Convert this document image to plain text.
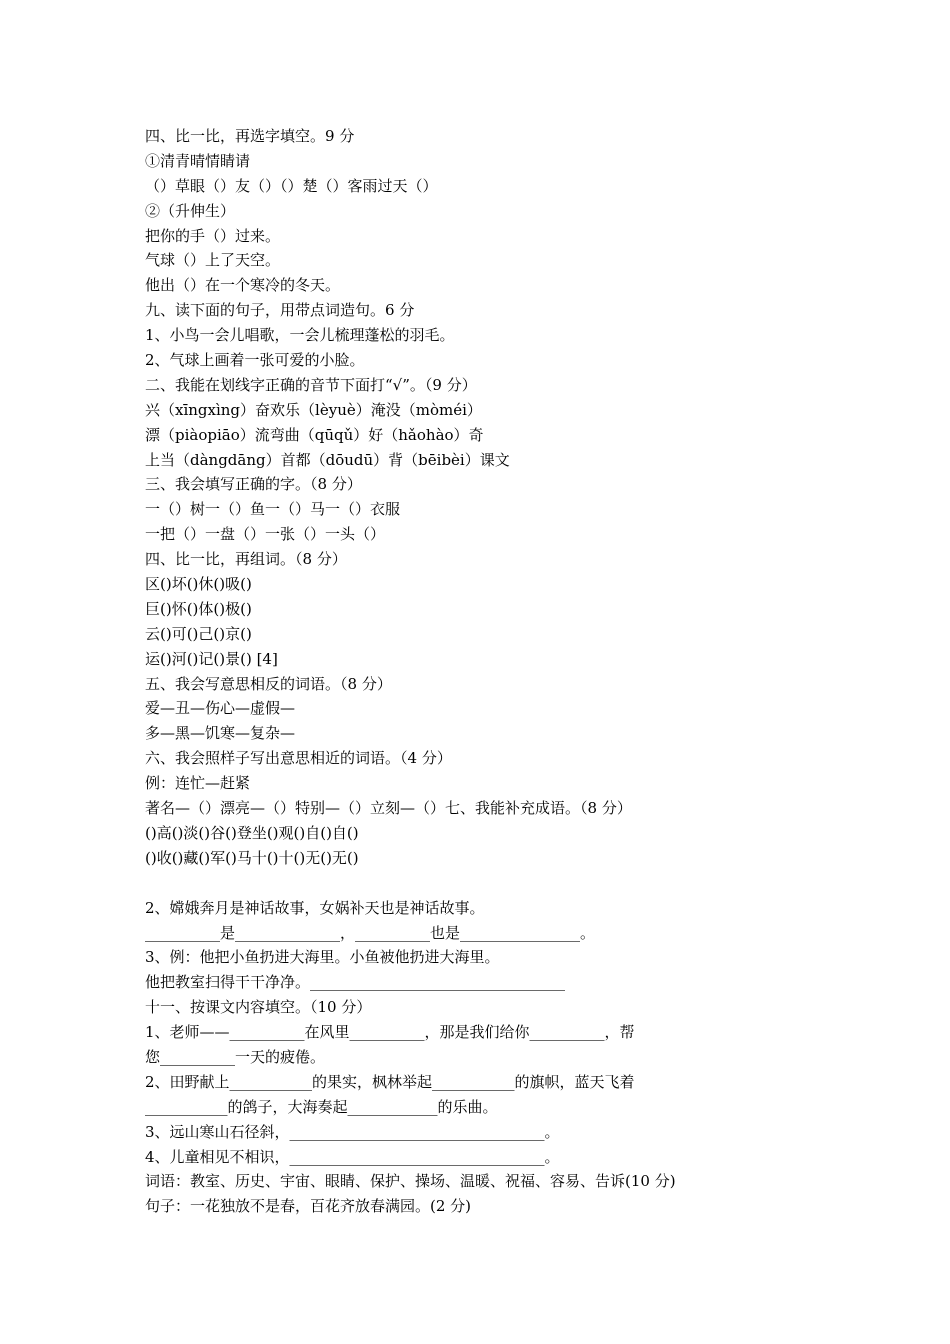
四、比一比，再选字填空。9 分
①清青晴情睛请
（）草眼（）友（）（）楚（）客雨过天（）
②（升伸生）
把你的手（）过来。
气球（）上了天空。
他出（）在一个寒冷的冬天。
九、读下面的句子，用带点词造句。6 分
1、小鸟一会儿唱歌，一会儿梳理蓬松的羽毛。
2、气球上画着一张可爱的小脸。
二、我能在划线字正确的音节下面打“√”。（9 分）
兴（xīngxìng）奋欢乐（lèyuè）淹没（mòméi）
漂（piàopiāo）流弯曲（qūqǔ）好（hǎohào）奇
上当（dàngdāng）首都（dōudū）背（bēibèi）课文
三、我会填写正确的字。（8 分）
一（）树一（）鱼一（）马一（）衣服
一把（）一盘（）一张（）一头（）
四、比一比，再组词。（8 分）
区()坏()休()吸()
巨()怀()体()极()
云()可()己()京()
运()河()记()景() [4]
五、我会写意思相反的词语。（8 分）
爱—丑—伤心—虚假—
多—黑—饥寒—复杂—
六、我会照样子写出意思相近的词语。（4 分）
例：连忙—赶紧
著名—（）漂亮—（）特别—（）立刻—（）七、我能补充成语。（8 分）
()高()淡()谷()登坐()观()自()自()
()收()藏()军()马十()十()无()无()
2、嫦娥奔月是神话故事，女娲补天也是神话故事。
__________是______________，__________也是________________。
3、例：他把小鱼扔进大海里。小鱼被他扔进大海里。
他把教室扫得干干净净。__________________________________
十一、按课文内容填空。（10 分）
1、老师——__________在风里__________，那是我们给你__________，帮
您__________一天的疲倦。
2、田野献上___________的果实，枫林举起___________的旗帜，蓝天飞着
___________的鸽子，大海奏起____________的乐曲。
3、远山寒山石径斜，__________________________________。
4、儿童相见不相识，__________________________________。
词语：教室、历史、宇宙、眼睛、保护、操场、温暖、祝福、容易、告诉(10 分)
句子：一花独放不是春，百花齐放春满园。(2 分)
